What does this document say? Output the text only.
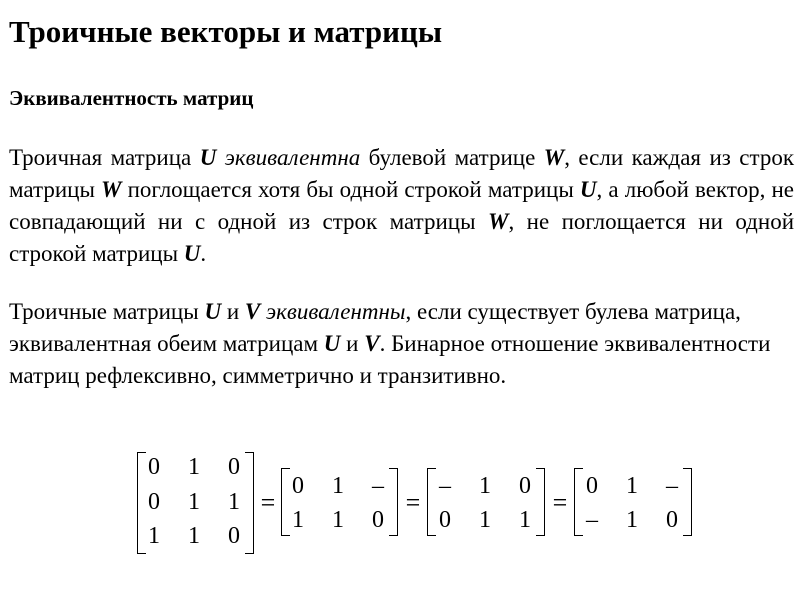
Троичные векторы и матрицы
Эквивалентность матриц
Троичная матрица U эквивалентна булевой матрице W, если каждая из строк матрицы W поглощается хотя бы одной строкой матрицы U, а любой вектор, не совпадающий ни с одной из строк матрицы W, не поглощается ни одной строкой матрицы U.
Троичные матрицы U и V эквивалентны, если существует булева матрица, эквивалентная обеим матрицам U и V. Бинарное отношение эквивалентности матриц рефлексивно, симметрично и транзитивно.
0	1	0
0	1	1
1	1	0
0	1	–
1	1	0
–	1	0
0	1	1
0	1	–
–	1	0
=	=	=
